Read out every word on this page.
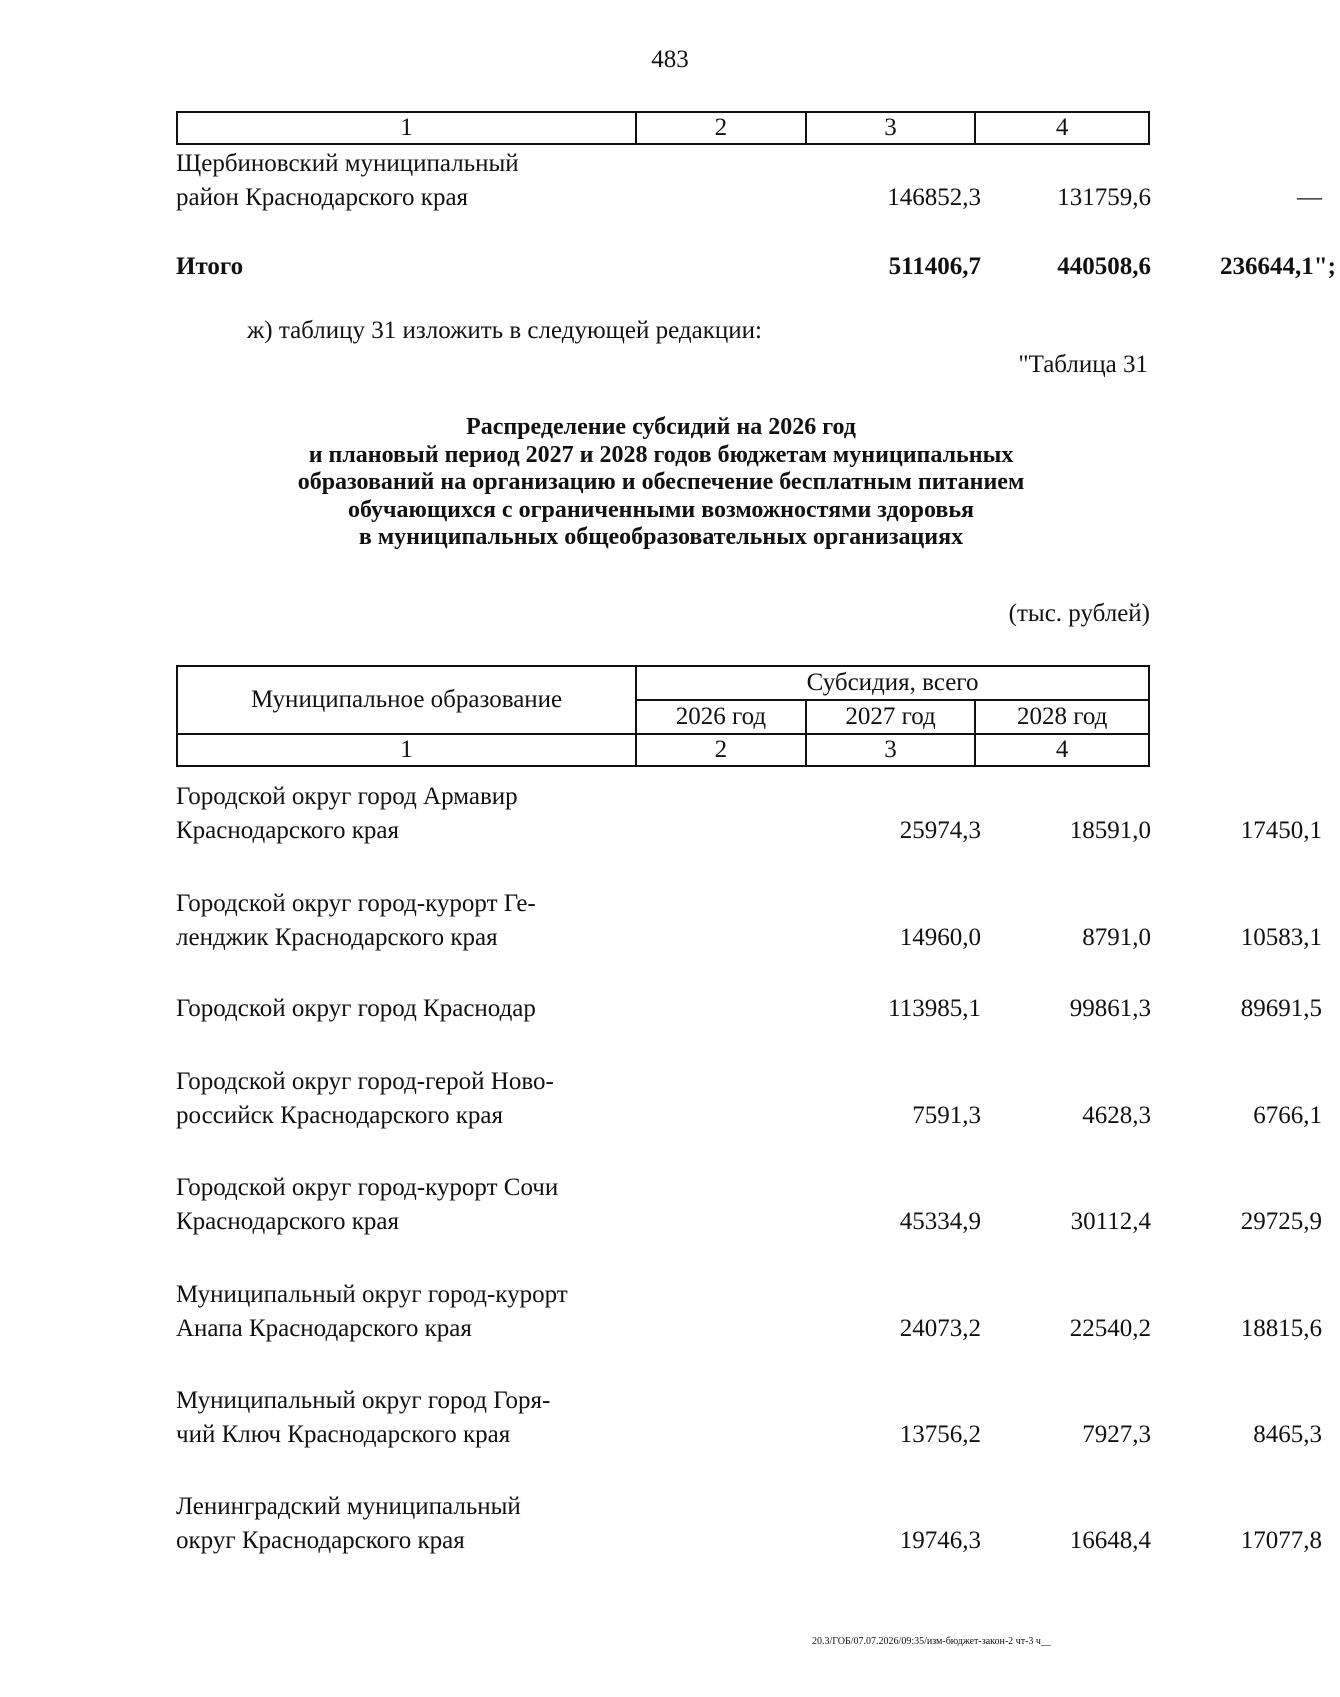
483
1	2	3	4
Щербиновский муниципальный
район Краснодарского края	146852,3	131759,6	—
Итого	511406,7	440508,6	236644,1";
ж) таблицу 31 изложить в следующей редакции:
"Таблица 31
Распределение субсидий на 2026 год
и плановый период 2027 и 2028 годов бюджетам муниципальных
образований на организацию и обеспечение бесплатным питанием
обучающихся с ограниченными возможностями здоровья
в муниципальных общеобразовательных организациях
(тыс. рублей)
Муниципальное образование	Субсидия, всего		
	2026 год	2027 год	2028 год
1	2	3	4
Городской округ город Армавир
Краснодарского края	25974,3	18591,0	17450,1
Городской округ город-курорт Ге-
ленджик Краснодарского края	14960,0	8791,0	10583,1
Городской округ город Краснодар	113985,1	99861,3	89691,5
Городской округ город-герой Ново-
российск Краснодарского края	7591,3	4628,3	6766,1
Городской округ город-курорт Сочи
Краснодарского края	45334,9	30112,4	29725,9
Муниципальный округ город-курорт
Анапа Краснодарского края	24073,2	22540,2	18815,6
Муниципальный округ город Горя-
чий Ключ Краснодарского края	13756,2	7927,3	8465,3
Ленинградский муниципальный
округ Краснодарского края	19746,3	16648,4	17077,8
20.3/ГОБ/07.07.2026/09:35/изм-бюджет-закон-2 чт-3 ч__
